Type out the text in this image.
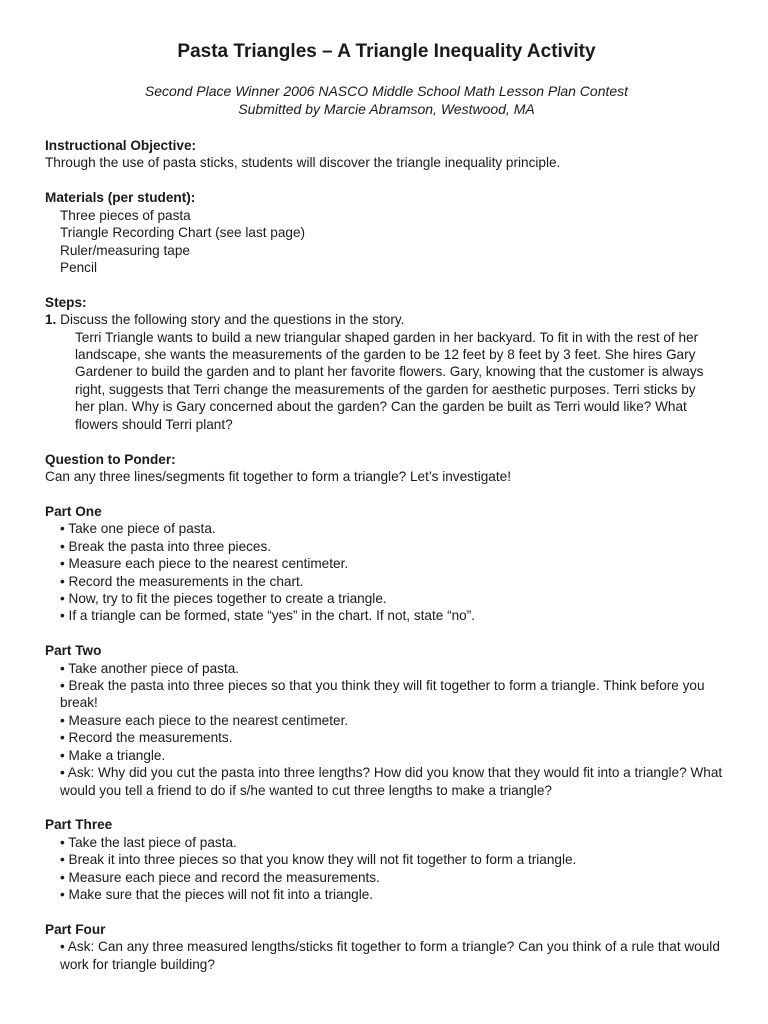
Pasta Triangles – A Triangle Inequality Activity

Second Place Winner 2006 NASCO Middle School Math Lesson Plan Contest

Submitted by Marcie Abramson, Westwood, MA

Instructional Objective:

Through the use of pasta sticks, students will discover the triangle inequality principle.

Materials (per student):

Three pieces of pasta
Triangle Recording Chart (see last page)
Ruler/measuring tape
Pencil

Steps:

1. Discuss the following story and the questions in the story.

Terri Triangle wants to build a new triangular shaped garden in her backyard. To fit in with the rest of her landscape, she wants the measurements of the garden to be 12 feet by 8 feet by 3 feet. She hires Gary Gardener to build the garden and to plant her favorite flowers. Gary, knowing that the customer is always right, suggests that Terri change the measurements of the garden for aesthetic purposes. Terri sticks by her plan. Why is Gary concerned about the garden? Can the garden be built as Terri would like? What flowers should Terri plant?

Question to Ponder:

Can any three lines/segments fit together to form a triangle? Let’s investigate!

Part One

• Take one piece of pasta.
• Break the pasta into three pieces.
• Measure each piece to the nearest centimeter.
• Record the measurements in the chart.
• Now, try to fit the pieces together to create a triangle.
• If a triangle can be formed, state “yes” in the chart. If not, state “no”.

Part Two

• Take another piece of pasta.
• Break the pasta into three pieces so that you think they will fit together to form a triangle. Think before you break!
• Measure each piece to the nearest centimeter.
• Record the measurements.
• Make a triangle.
• Ask: Why did you cut the pasta into three lengths? How did you know that they would fit into a triangle? What would you tell a friend to do if s/he wanted to cut three lengths to make a triangle?

Part Three

• Take the last piece of pasta.
• Break it into three pieces so that you know they will not fit together to form a triangle.
• Measure each piece and record the measurements.
• Make sure that the pieces will not fit into a triangle.

Part Four

• Ask: Can any three measured lengths/sticks fit together to form a triangle? Can you think of a rule that would work for triangle building?
